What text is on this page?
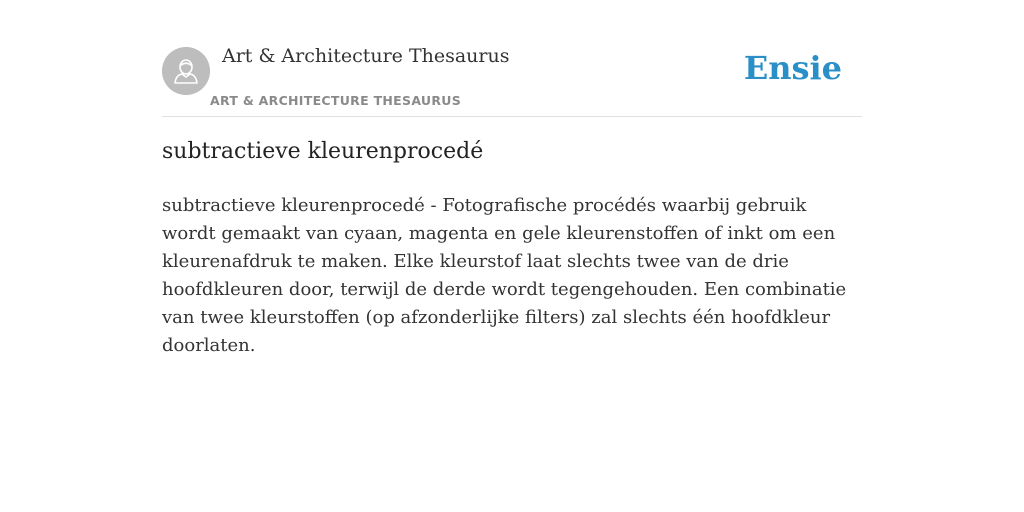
Art & Architecture Thesaurus
ART & ARCHITECTURE THESAURUS
Ensie
subtractieve kleurenprocedé

subtractieve kleurenprocedé - Fotografische procédés waarbij gebruik wordt gemaakt van cyaan, magenta en gele kleurenstoffen of inkt om een kleurenafdruk te maken. Elke kleurstof laat slechts twee van de drie hoofdkleuren door, terwijl de derde wordt tegengehouden. Een combinatie van twee kleurstoffen (op afzonderlijke filters) zal slechts één hoofdkleur doorlaten.
